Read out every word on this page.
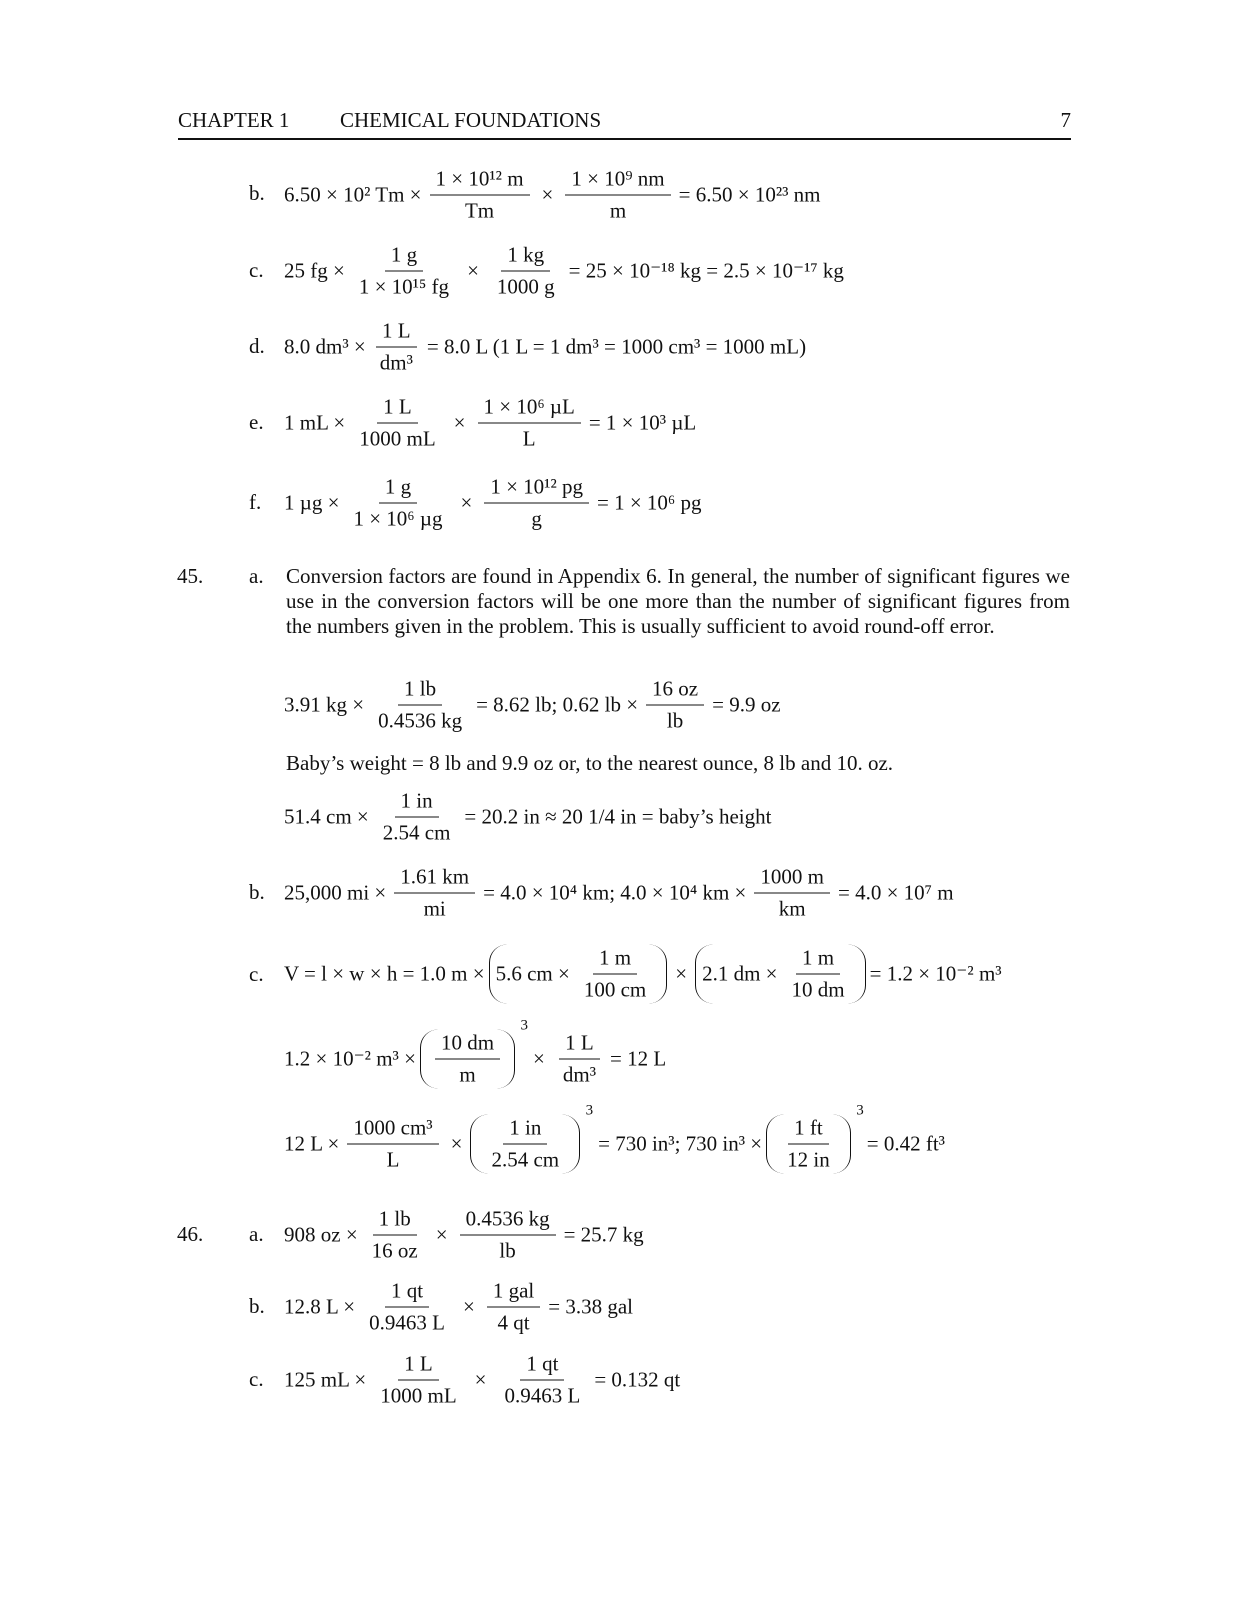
CHAPTER 1 CHEMICAL FOUNDATIONS	7
b. 6.50 × 10² $Tm \times \frac{\text{1 × 10¹² m}}{Tm} \times \frac{\text{1 × 10⁹ nm}}{m} = 6.50 \times 10^{23}$ nm
c. 25 fg × $\frac{1 g}{\text{1 × 10¹⁵ fg}} \times \frac{1 kg}{1000 g} = 25 \times 10^{-18}$ kg = 2.5 × 10⁻¹⁷ kg
d. 8.0 $dm^3 \times \frac{1 L}{\text{dm³}} = 8.0$ L (1 L = 1 dm³ = 1000 cm³ = 1000 mL)
e. 1 mL × $\frac{1 L}{1000 mL}$ ×
1 × 10⁶ µL
L
= 1 × 10³ µL
f. 1 µg ×
1 g
1 × 10⁶ µg
× $\frac{\text{1 × 10¹² pg}}{g} = 1 \times 10^6$ pg
45. a. Conversion factors are found in Appendix 6. In general, the number of significant figures we use in the conversion factors will be one more than the number of significant figures from the numbers given in the problem. This is usually sufficient to avoid round-off error.
3.91 kg × $\frac{1 lb}{0.4536 kg} = 8.62$ lb; 0.62 lb × $\frac{16 oz}{lb} = 9.9$ oz
Baby’s weight = 8 lb and 9.9 oz or, to the nearest ounce, 8 lb and 10. oz.
51.4 cm × $\frac{1 in}{2.54 cm} = 20.2$ in ≈ 20 1/4 in = baby’s height
b. 25,000 mi × $\frac{1.61 km}{mi} = 4.0 \times 10^4$ km; 4.0 × 10⁴ km × $\frac{1000 m}{km} = 4.0 \times 10^7$ m
c. V = l × w × h = 1.0 m × 5.6 cm × $\frac{1 m}{100 cm} \times 2.1$ dm × $\frac{1 m}{10 dm} = 1.2 \times 10^{-2}$ m³
1.2 × 10⁻² m³ ×
10 dm
m
3
× $\frac{1 L}{\text{dm³}} = 12$ L
12 $L \times \frac{\text{1000 cm³}}{L}$ ×
1 in
2.54 cm
3
= 730 in³; 730 in³ ×
1 ft
12 in
3
= 0.42 ft³
46. a. 908 oz × $\frac{1 lb}{16 oz} \times \frac{0.4536 kg}{lb} = 25.7$ kg
b. 12.8 $L \times \frac{1 qt}{0.9463 L}$ ×
1 gal
4 qt
= 3.38 gal
c. 125 mL × $\frac{1 L}{1000 mL} \times \frac{1 qt}{0.9463 L} = 0.132$ qt
